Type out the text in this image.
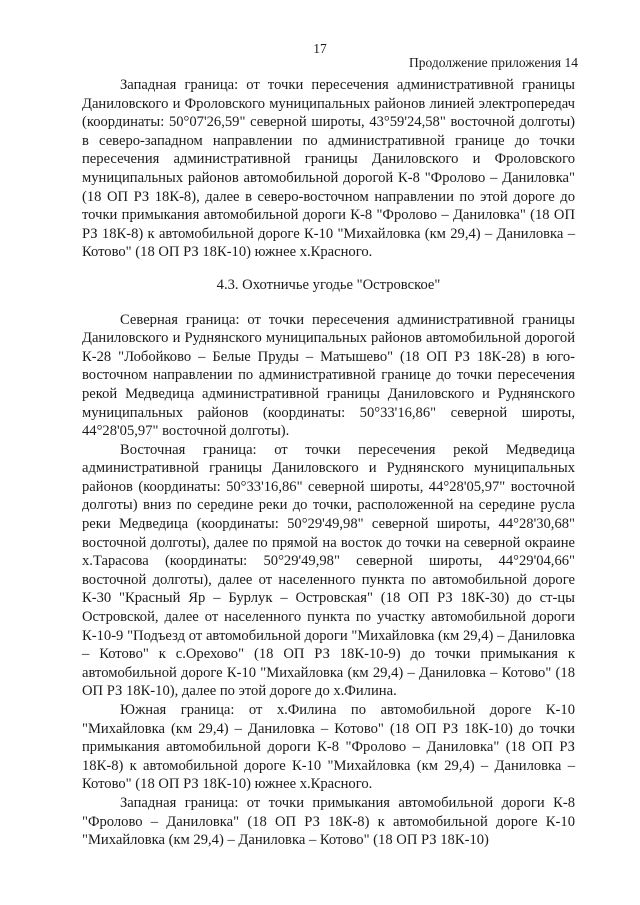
17
Продолжение приложения 14

Западная граница: от точки пересечения административной границы Даниловского и Фроловского муниципальных районов линией электропередач (координаты: 50°07'26,59" северной широты, 43°59'24,58" восточной долготы) в северо-западном направлении по административной границе до точки пересечения административной границы Даниловского и Фроловского муниципальных районов автомобильной дорогой К-8 "Фролово – Даниловка" (18 ОП РЗ 18К-8), далее в северо-восточном направлении по этой дороге до точки примыкания автомобильной дороги К-8 "Фролово – Даниловка" (18 ОП РЗ 18К-8) к автомобильной дороге К-10 "Михайловка (км 29,4) – Даниловка – Котово" (18 ОП РЗ 18К-10) южнее х.Красного.

4.3. Охотничье угодье "Островское"

Северная граница: от точки пересечения административной границы Даниловского и Руднянского муниципальных районов автомобильной дорогой К-28 "Лобойково – Белые Пруды – Матышево" (18 ОП РЗ 18К-28) в юго-восточном направлении по административной границе до точки пересечения рекой Медведица административной границы Даниловского и Руднянского муниципальных районов (координаты: 50°33'16,86" северной широты, 44°28'05,97" восточной долготы).

Восточная граница: от точки пересечения рекой Медведица административной границы Даниловского и Руднянского муниципальных районов (координаты: 50°33'16,86" северной широты, 44°28'05,97" восточной долготы) вниз по середине реки до точки, расположенной на середине русла реки Медведица (координаты: 50°29'49,98" северной широты, 44°28'30,68" восточной долготы), далее по прямой на восток до точки на северной окраине х.Тарасова (координаты: 50°29'49,98" северной широты, 44°29'04,66" восточной долготы), далее от населенного пункта по автомобильной дороге К-30 "Красный Яр – Бурлук – Островская" (18 ОП РЗ 18К-30) до ст-цы Островской, далее от населенного пункта по участку автомобильной дороги К-10-9 "Подъезд от автомобильной дороги "Михайловка (км 29,4) – Даниловка – Котово" к с.Орехово" (18 ОП РЗ 18К-10-9) до точки примыкания к автомобильной дороге К-10 "Михайловка (км 29,4) – Даниловка – Котово" (18 ОП РЗ 18К-10), далее по этой дороге до х.Филина.

Южная граница: от х.Филина по автомобильной дороге К-10 "Михайловка (км 29,4) – Даниловка – Котово" (18 ОП РЗ 18К-10) до точки примыкания автомобильной дороги К-8 "Фролово – Даниловка" (18 ОП РЗ 18К-8) к автомобильной дороге К-10 "Михайловка (км 29,4) – Даниловка – Котово" (18 ОП РЗ 18К-10) южнее х.Красного.

Западная граница: от точки примыкания автомобильной дороги К-8 "Фролово – Даниловка" (18 ОП РЗ 18К-8) к автомобильной дороге К-10 "Михайловка (км 29,4) – Даниловка – Котово" (18 ОП РЗ 18К-10)
